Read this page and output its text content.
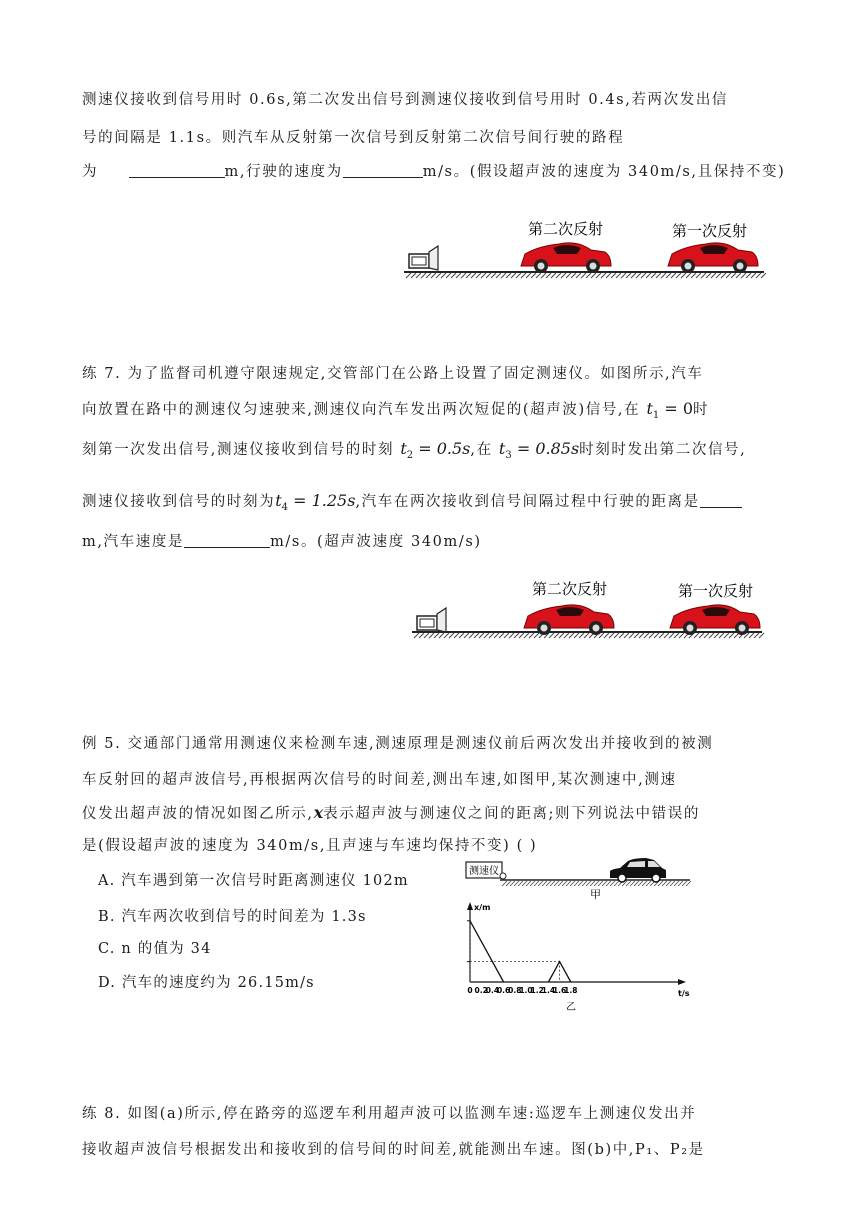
测速仪接收到信号用时 0.6s,第二次发出信号到测速仪接收到信号用时 0.4s,若两次发出信
号的间隔是 1.1s。则汽车从反射第一次信号到反射第二次信号间行驶的路程
为	m,行驶的速度为	m/s。(假设超声波的速度为 340m/s,且保持不变)
第二次反射	第一次反射
练 7. 为了监督司机遵守限速规定,交管部门在公路上设置了固定测速仪。如图所示,汽车
向放置在路中的测速仪匀速驶来,测速仪向汽车发出两次短促的(超声波)信号,在 $t_1 = 0$时
刻第一次发出信号,测速仪接收到信号的时刻 $t_2 = 0.5s$,在 $t_3 = 0.85s$时刻时发出第二次信号,
测速仪接收到信号的时刻为$t_4 = 1.25s$,汽车在两次接收到信号间隔过程中行驶的距离是
m,汽车速度是	m/s。(超声波速度 340m/s)
第二次反射	第一次反射
例 5. 交通部门通常用测速仪来检测车速,测速原理是测速仪前后两次发出并接收到的被测
车反射回的超声波信号,再根据两次信号的时间差,测出车速,如图甲,某次测速中,测速
仪发出超声波的情况如图乙所示,x表示超声波与测速仪之间的距离;则下列说法中错误的
是(假设超声波的速度为 340m/s,且声速与车速均保持不变) ( )
A. 汽车遇到第一次信号时距离测速仪 102m
B. 汽车两次收到信号的时间差为 1.3s
C. n 的值为 34
D. 汽车的速度约为 26.15m/s
测速仪
甲
x/m
t/s
0 0.2
0.4
0.6
0.8
1.0
1.2
1.4
1.6
1.8
乙
练 8. 如图(a)所示,停在路旁的巡逻车利用超声波可以监测车速:巡逻车上测速仪发出并
接收超声波信号根据发出和接收到的信号间的时间差,就能测出车速。图(b)中,P₁、P₂是
